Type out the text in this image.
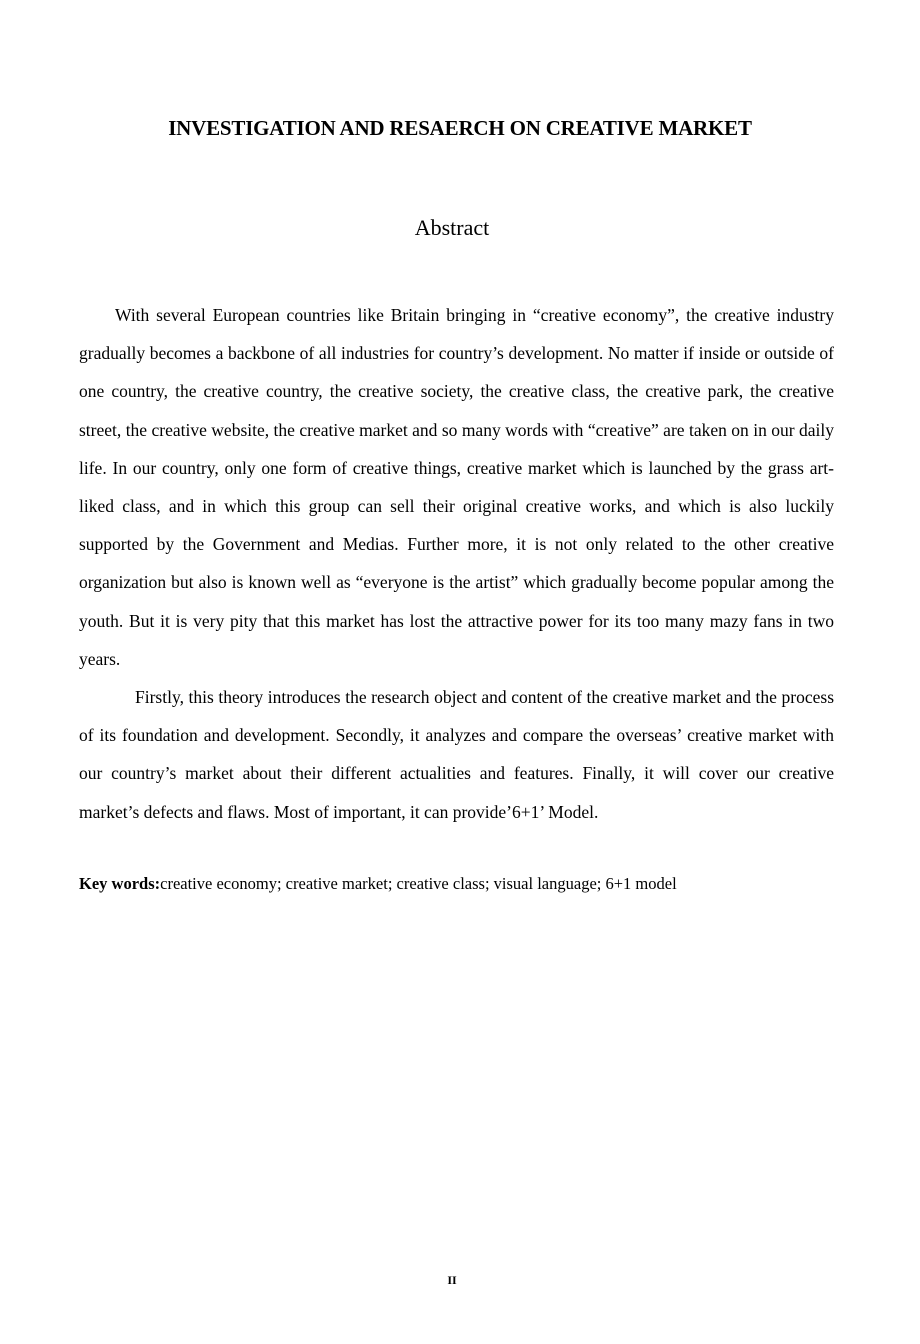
INVESTIGATION AND RESAERCH ON CREATIVE MARKET
Abstract

With several European countries like Britain bringing in “creative economy”, the creative industry gradually becomes a backbone of all industries for country’s development. No matter if inside or outside of one country, the creative country, the creative society, the creative class, the creative park, the creative street, the creative website, the creative market and so many words with “creative” are taken on in our daily life. In our country, only one form of creative things, creative market which is launched by the grass art-liked class, and in which this group can sell their original creative works, and which is also luckily supported by the Government and Medias. Further more, it is not only related to the other creative organization but also is known well as “everyone is the artist” which gradually become popular among the youth. But it is very pity that this market has lost the attractive power for its too many mazy fans in two years.

Firstly, this theory introduces the research object and content of the creative market and the process of its foundation and development. Secondly, it analyzes and compare the overseas’ creative market with our country’s market about their different actualities and features. Finally, it will cover our creative market’s defects and flaws. Most of important, it can provide’6+1’ Model.

Key words:creative economy; creative market; creative class; visual language; 6+1 model

II
